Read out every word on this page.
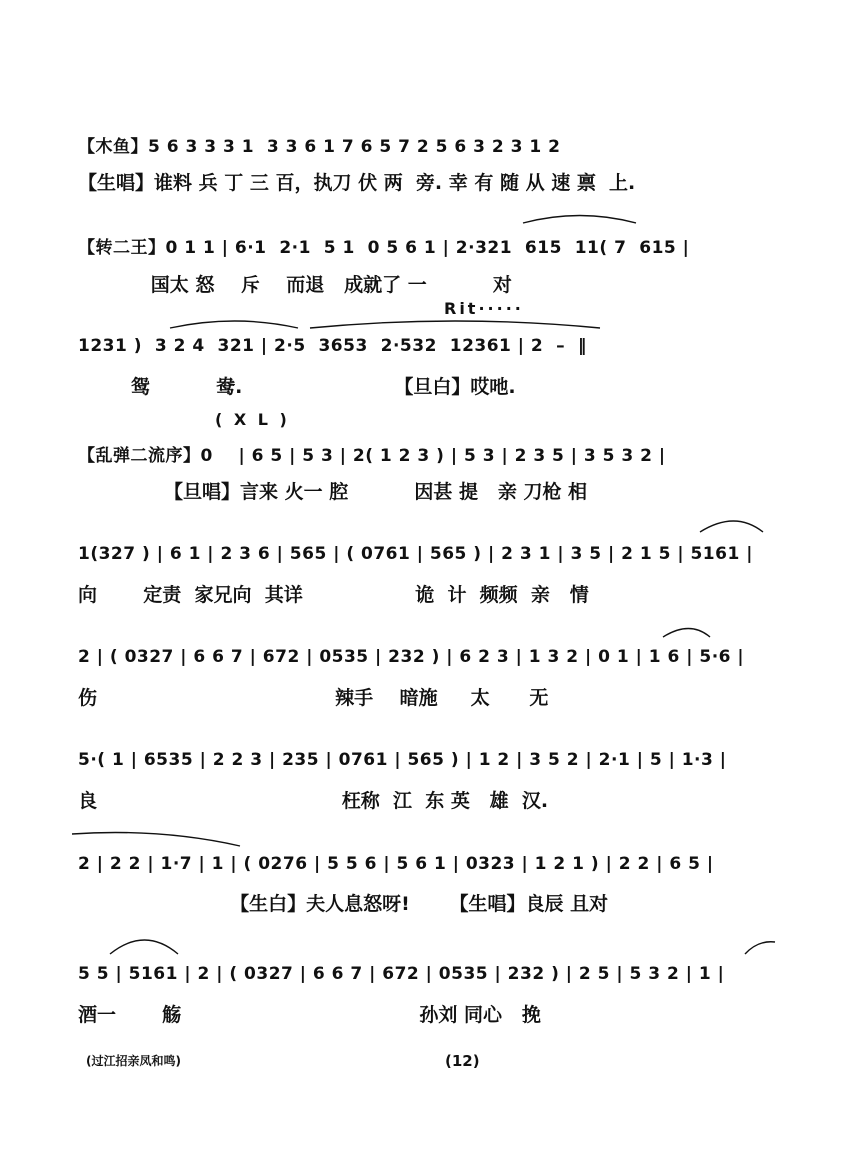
【木鱼】5 6 3 3 3 1  3 3 6 1 7 6 5 7 2 5 6 3 2 3 1 2
【生唱】谁料 兵 丁 三 百，执刀 伏 两  旁. 幸 有 随 从 速 禀  上.
【转二王】0 1 1 | 6·1  2·1  5 1  0 5 6 1 | 2·321  615  11( 7  615 |
国太 怒    斥    而退   成就了 一          对
Rit·····
1231 )  3 2 4  321 | 2·5  3653  2·532  12361 | 2  –  ‖
鸳          鸯.                       【旦白】哎吔.
( X L )
【乱弹二流序】0    | 6 5 | 5 3 | 2( 1 2 3 ) | 5 3 | 2 3 5 | 3 5 3 2 |
【旦唱】言来 火一 腔          因甚 提   亲 刀枪 相
1(327 ) | 6 1 | 2 3 6 | 565 | ( 0761 | 565 ) | 2 3 1 | 3 5 | 2 1 5 | 5161 |
向       定责  家兄向  其详                 诡  计  频频  亲   情
2 | ( 0327 | 6 6 7 | 672 | 0535 | 232 ) | 6 2 3 | 1 3 2 | 0 1 | 1 6 | 5·6 |
伤                                    辣手    暗施     太      无
5·( 1 | 6535 | 2 2 3 | 235 | 0761 | 565 ) | 1 2 | 3 5 2 | 2·1 | 5 | 1·3 |
良                                     枉称  江  东 英   雄  汉.
2 | 2 2 | 1·7 | 1 | ( 0276 | 5 5 6 | 5 6 1 | 0323 | 1 2 1 ) | 2 2 | 6 5 |
【生白】夫人息怒呀!      【生唱】良辰 且对
5 5 | 5161 | 2 | ( 0327 | 6 6 7 | 672 | 0535 | 232 ) | 2 5 | 5 3 2 | 1 |
酒一       觞                                    孙刘 同心   挽
(过江招亲凤和鸣)	(12)
